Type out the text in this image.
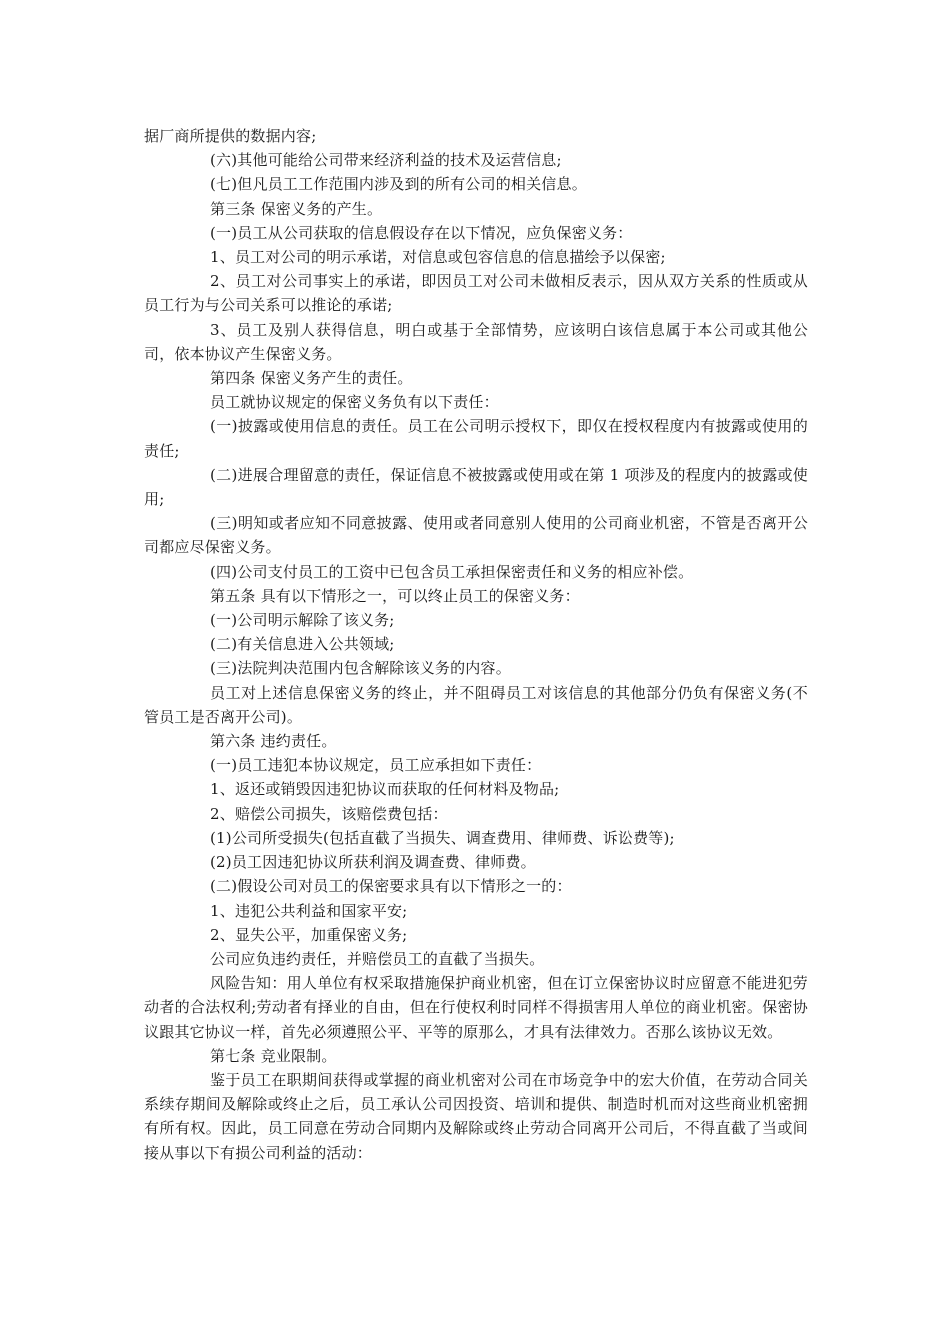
据厂商所提供的数据内容;

(六)其他可能给公司带来经济利益的技术及运营信息;

(七)但凡员工工作范围内涉及到的所有公司的相关信息。

第三条 保密义务的产生。

(一)员工从公司获取的信息假设存在以下情况，应负保密义务：

1、员工对公司的明示承诺，对信息或包容信息的信息描绘予以保密;

2、员工对公司事实上的承诺，即因员工对公司未做相反表示，因从双方关系的性质或从员工行为与公司关系可以推论的承诺;

3、员工及别人获得信息，明白或基于全部情势，应该明白该信息属于本公司或其他公司，依本协议产生保密义务。

第四条 保密义务产生的责任。

员工就协议规定的保密义务负有以下责任：

(一)披露或使用信息的责任。员工在公司明示授权下，即仅在授权程度内有披露或使用的责任;

(二)进展合理留意的责任，保证信息不被披露或使用或在第 1 项涉及的程度内的披露或使用;

(三)明知或者应知不同意披露、使用或者同意别人使用的公司商业机密，不管是否离开公司都应尽保密义务。

(四)公司支付员工的工资中已包含员工承担保密责任和义务的相应补偿。

第五条 具有以下情形之一，可以终止员工的保密义务：

(一)公司明示解除了该义务;

(二)有关信息进入公共领域;

(三)法院判决范围内包含解除该义务的内容。

员工对上述信息保密义务的终止，并不阻碍员工对该信息的其他部分仍负有保密义务(不管员工是否离开公司)。

第六条 违约责任。

(一)员工违犯本协议规定，员工应承担如下责任：

1、返还或销毁因违犯协议而获取的任何材料及物品;

2、赔偿公司损失，该赔偿费包括：

(1)公司所受损失(包括直截了当损失、调查费用、律师费、诉讼费等);

(2)员工因违犯协议所获利润及调查费、律师费。

(二)假设公司对员工的保密要求具有以下情形之一的：

1、违犯公共利益和国家平安;

2、显失公平，加重保密义务;

公司应负违约责任，并赔偿员工的直截了当损失。

风险告知：用人单位有权采取措施保护商业机密，但在订立保密协议时应留意不能进犯劳动者的合法权利;劳动者有择业的自由，但在行使权利时同样不得损害用人单位的商业机密。保密协议跟其它协议一样，首先必须遵照公平、平等的原那么，才具有法律效力。否那么该协议无效。

第七条 竞业限制。

鉴于员工在职期间获得或掌握的商业机密对公司在市场竞争中的宏大价值，在劳动合同关系续存期间及解除或终止之后，员工承认公司因投资、培训和提供、制造时机而对这些商业机密拥有所有权。因此，员工同意在劳动合同期内及解除或终止劳动合同离开公司后，不得直截了当或间接从事以下有损公司利益的活动：
